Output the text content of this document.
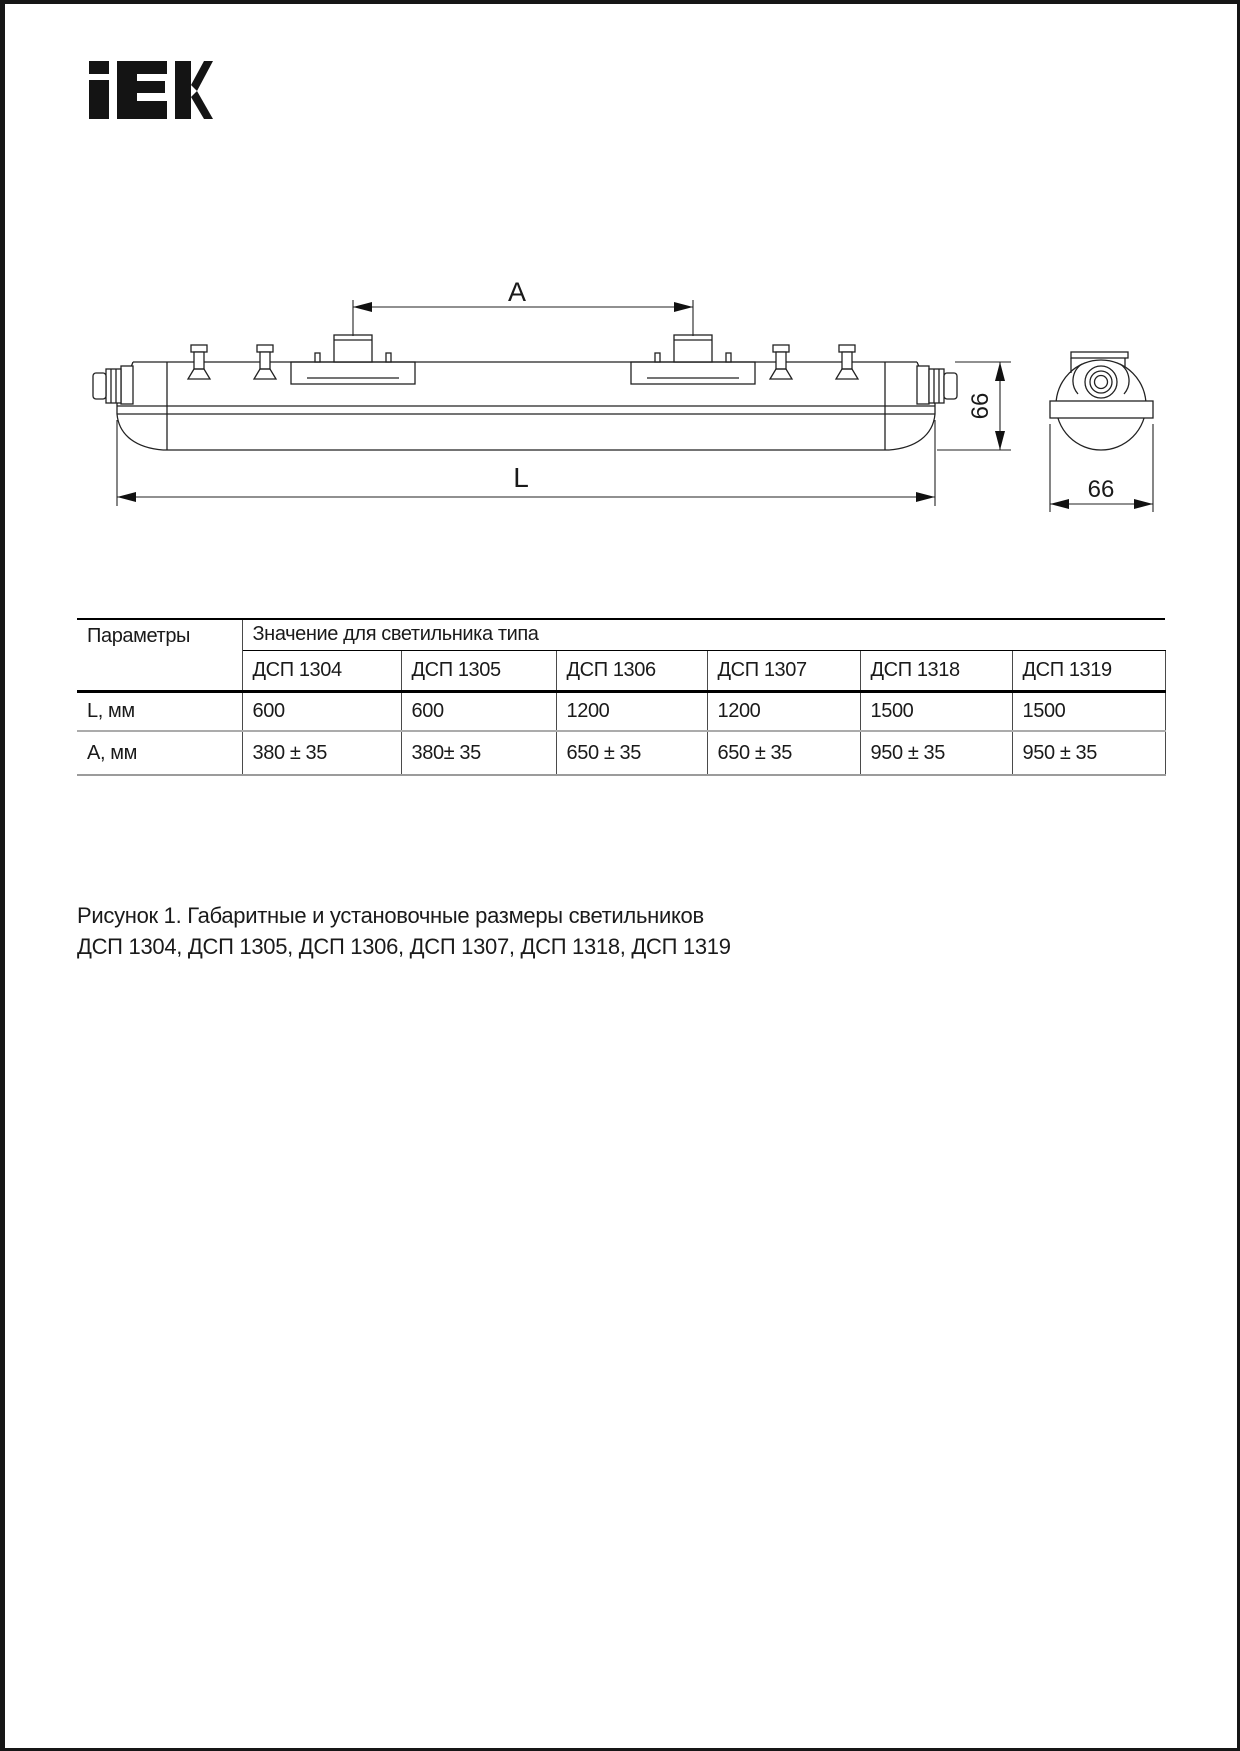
A
66
L	66
Параметры	Значение для светильника типа					
	ДСП 1304	ДСП 1305	ДСП 1306	ДСП 1307	ДСП 1318	ДСП 1319
L, мм	600	600	1200	1200	1500	1500
А, мм	380 ± 35	380± 35	650 ± 35	650 ± 35	950 ± 35	950 ± 35
Рисунок 1. Габаритные и установочные размеры светильников
ДСП 1304, ДСП 1305, ДСП 1306, ДСП 1307, ДСП 1318, ДСП 1319
